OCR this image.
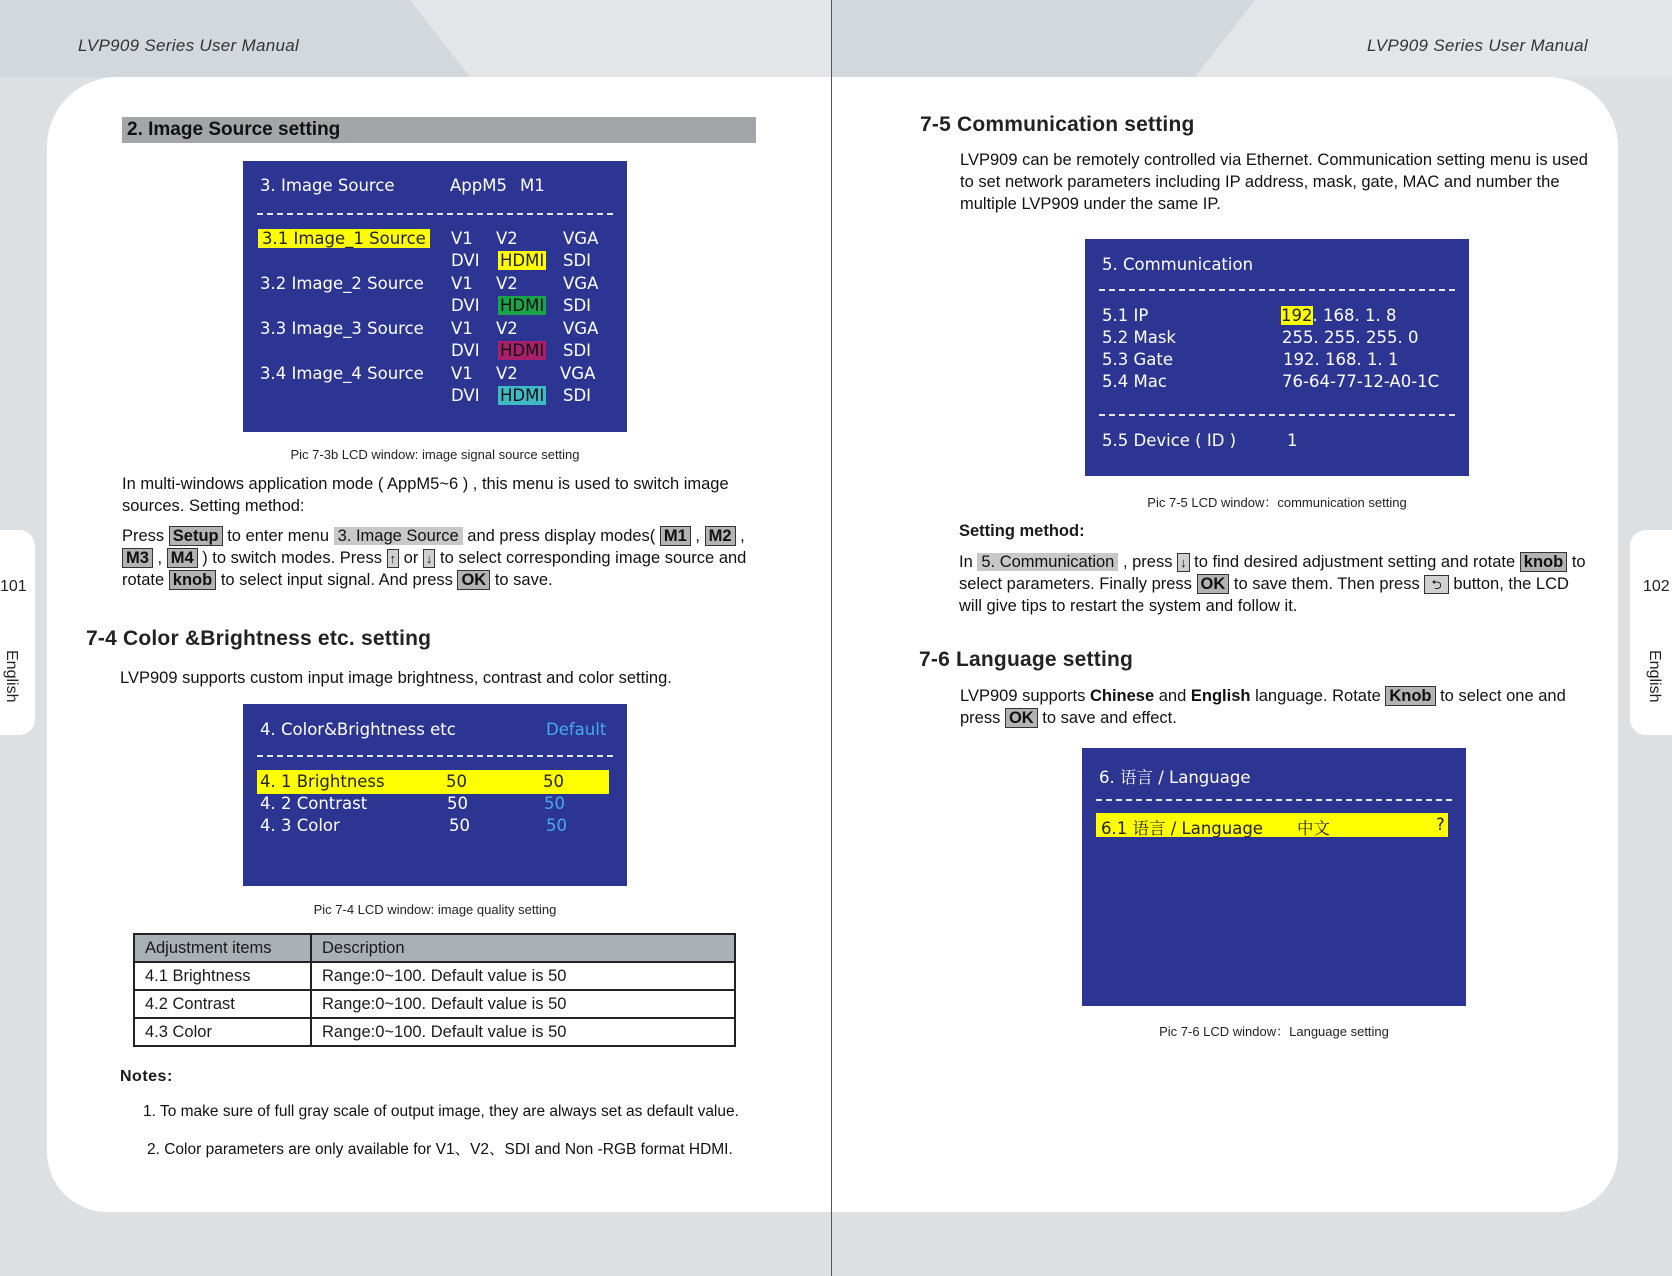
LVP909 Series User Manual	LVP909 Series User Manual
101	102
English	English
2. Image Source setting
3. Image Source	AppM5 M1
3.1 Image_1 Source V1 V2	VGA
DVI HDMI SDI
3.2 Image_2 Source V1 V2	VGA
DVI HDMI SDI
3.3 Image_3 Source V1 V2	VGA
DVI HDMI SDI
3.4 Image_4 Source V1 V2	VGA
DVI HDMI SDI
Pic 7-3b LCD window: image signal source setting

In multi-windows application mode ( AppM5~6 ) , this menu is used to switch image sources. Setting method:

Press Setup to enter menu 3. Image Source and press display modes( M1 , M2 , M3 , M4 ) to switch modes. Press ↑ or ↓ to select corresponding image source and rotate knob to select input signal. And press OK to save.

7-4 Color &Brightness etc. setting

LVP909 supports custom input image brightness, contrast and color setting.

4. Color&Brightness etc	Default
4. 1 Brightness	50	50
4. 2 Contrast	50	50
4. 3 Color	50	50
Pic 7-4 LCD window: image quality setting
Adjustment items	Description
4.1 Brightness	Range:0~100. Default value is 50
4.2 Contrast	Range:0~100. Default value is 50
4.3 Color	Range:0~100. Default value is 50
Notes:
1. To make sure of full gray scale of output image, they are always set as default value.
2. Color parameters are only available for V1、V2、SDI and Non -RGB format HDMI.
7-5 Communication setting

LVP909 can be remotely controlled via Ethernet. Communication setting menu is used to set network parameters including IP address, mask, gate, MAC and number the multiple LVP909 under the same IP.

5. Communication
5.1 IP	192. 168. 1. 8
5.2 Mask	255. 255. 255. 0
5.3 Gate	192. 168. 1. 1
5.4 Mac	76-64-77-12-A0-1C
5.5 Device ( ID )	1
Pic 7-5 LCD window：communication setting
Setting method:

In 5. Communication , press ↓ to find desired adjustment setting and rotate knob to select parameters. Finally press OK to save them. Then press ⮌ button, the LCD will give tips to restart the system and follow it.

7-6 Language setting

LVP909 supports Chinese and English language. Rotate Knob to select one and press OK to save and effect.

6. 语言 / Language
6.1 语言 / Language 中文	?
Pic 7-6 LCD window：Language setting
